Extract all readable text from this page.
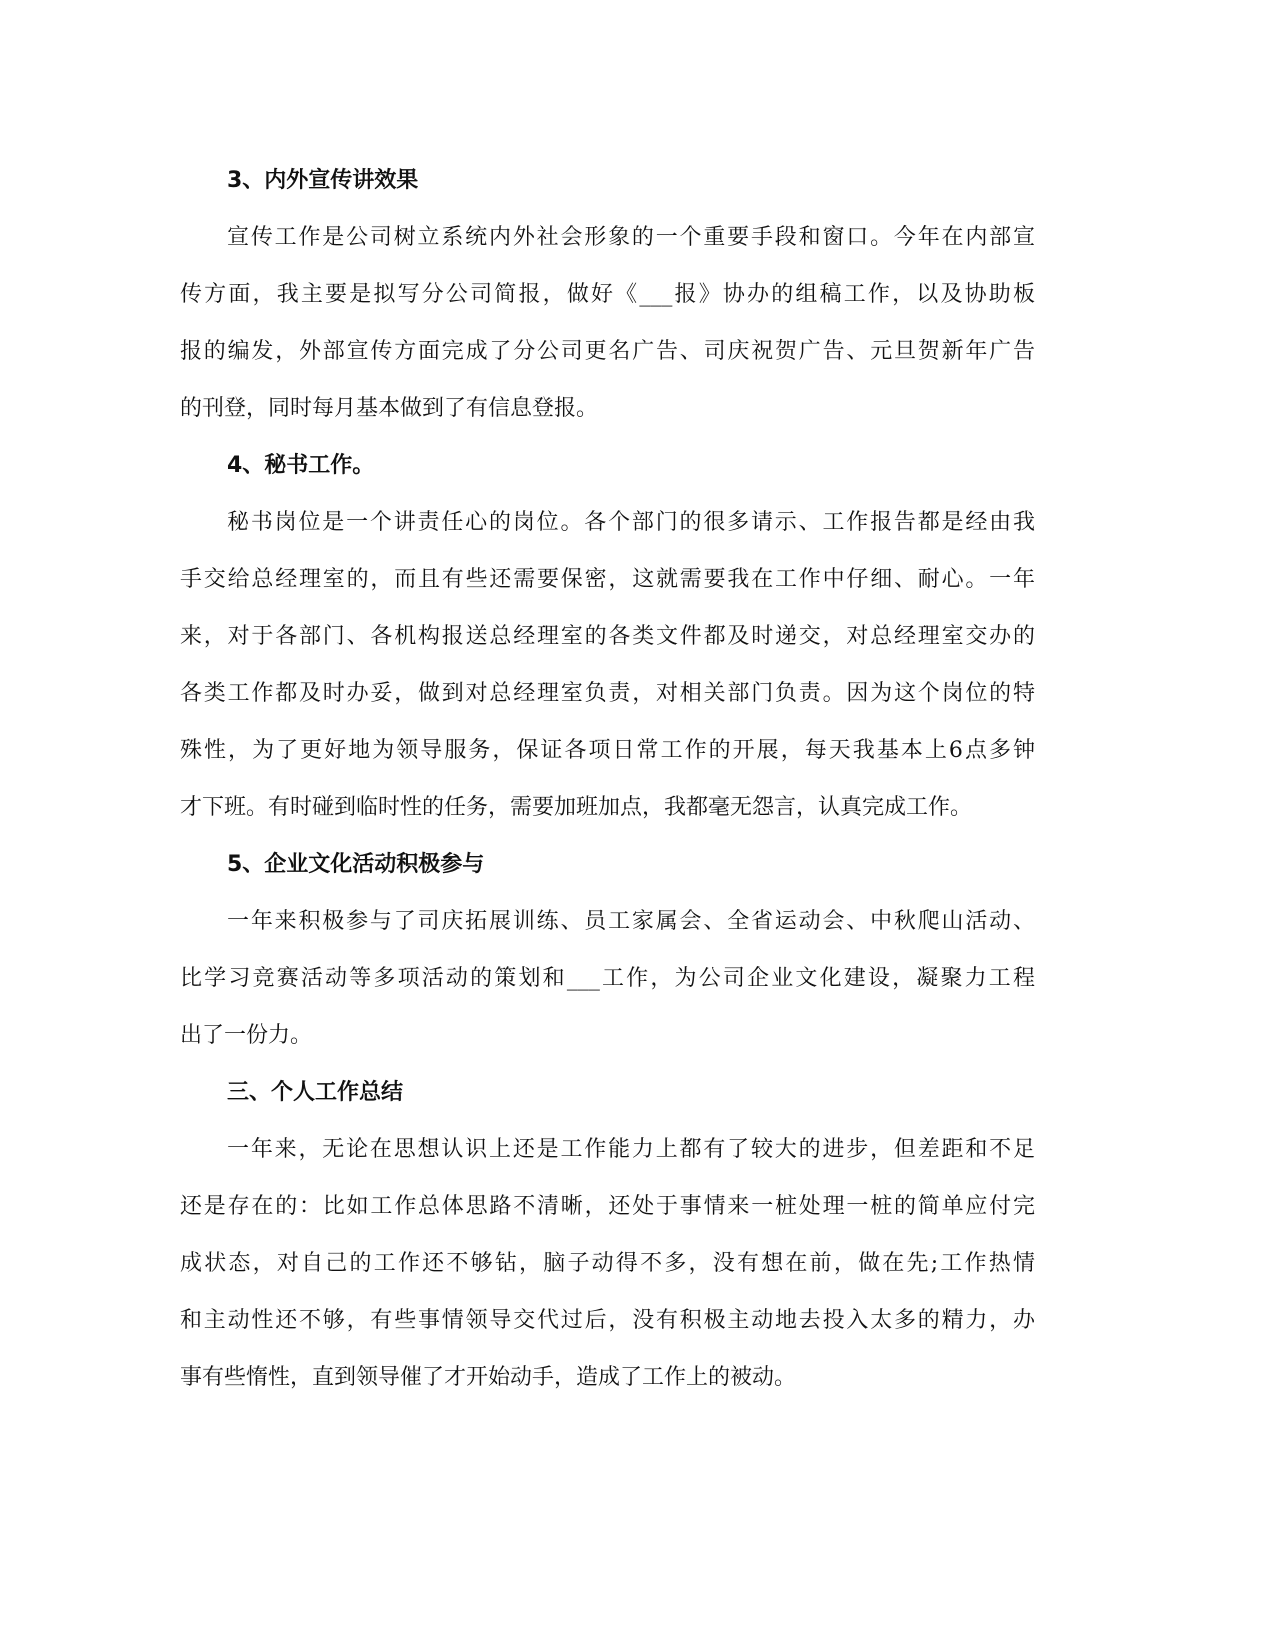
3、内外宣传讲效果
宣传工作是公司树立系统内外社会形象的一个重要手段和窗口。今年在内部宣
传方面，我主要是拟写分公司简报，做好《___报》协办的组稿工作，以及协助板
报的编发，外部宣传方面完成了分公司更名广告、司庆祝贺广告、元旦贺新年广告
的刊登，同时每月基本做到了有信息登报。
4、秘书工作。
秘书岗位是一个讲责任心的岗位。各个部门的很多请示、工作报告都是经由我
手交给总经理室的，而且有些还需要保密，这就需要我在工作中仔细、耐心。一年
来，对于各部门、各机构报送总经理室的各类文件都及时递交，对总经理室交办的
各类工作都及时办妥，做到对总经理室负责，对相关部门负责。因为这个岗位的特
殊性，为了更好地为领导服务，保证各项日常工作的开展，每天我基本上6点多钟
才下班。有时碰到临时性的任务，需要加班加点，我都毫无怨言，认真完成工作。
5、企业文化活动积极参与
一年来积极参与了司庆拓展训练、员工家属会、全省运动会、中秋爬山活动、
比学习竞赛活动等多项活动的策划和___工作，为公司企业文化建设，凝聚力工程
出了一份力。
三、个人工作总结
一年来，无论在思想认识上还是工作能力上都有了较大的进步，但差距和不足
还是存在的：比如工作总体思路不清晰，还处于事情来一桩处理一桩的简单应付完
成状态，对自己的工作还不够钻，脑子动得不多，没有想在前，做在先;工作热情
和主动性还不够，有些事情领导交代过后，没有积极主动地去投入太多的精力，办
事有些惰性，直到领导催了才开始动手，造成了工作上的被动。
